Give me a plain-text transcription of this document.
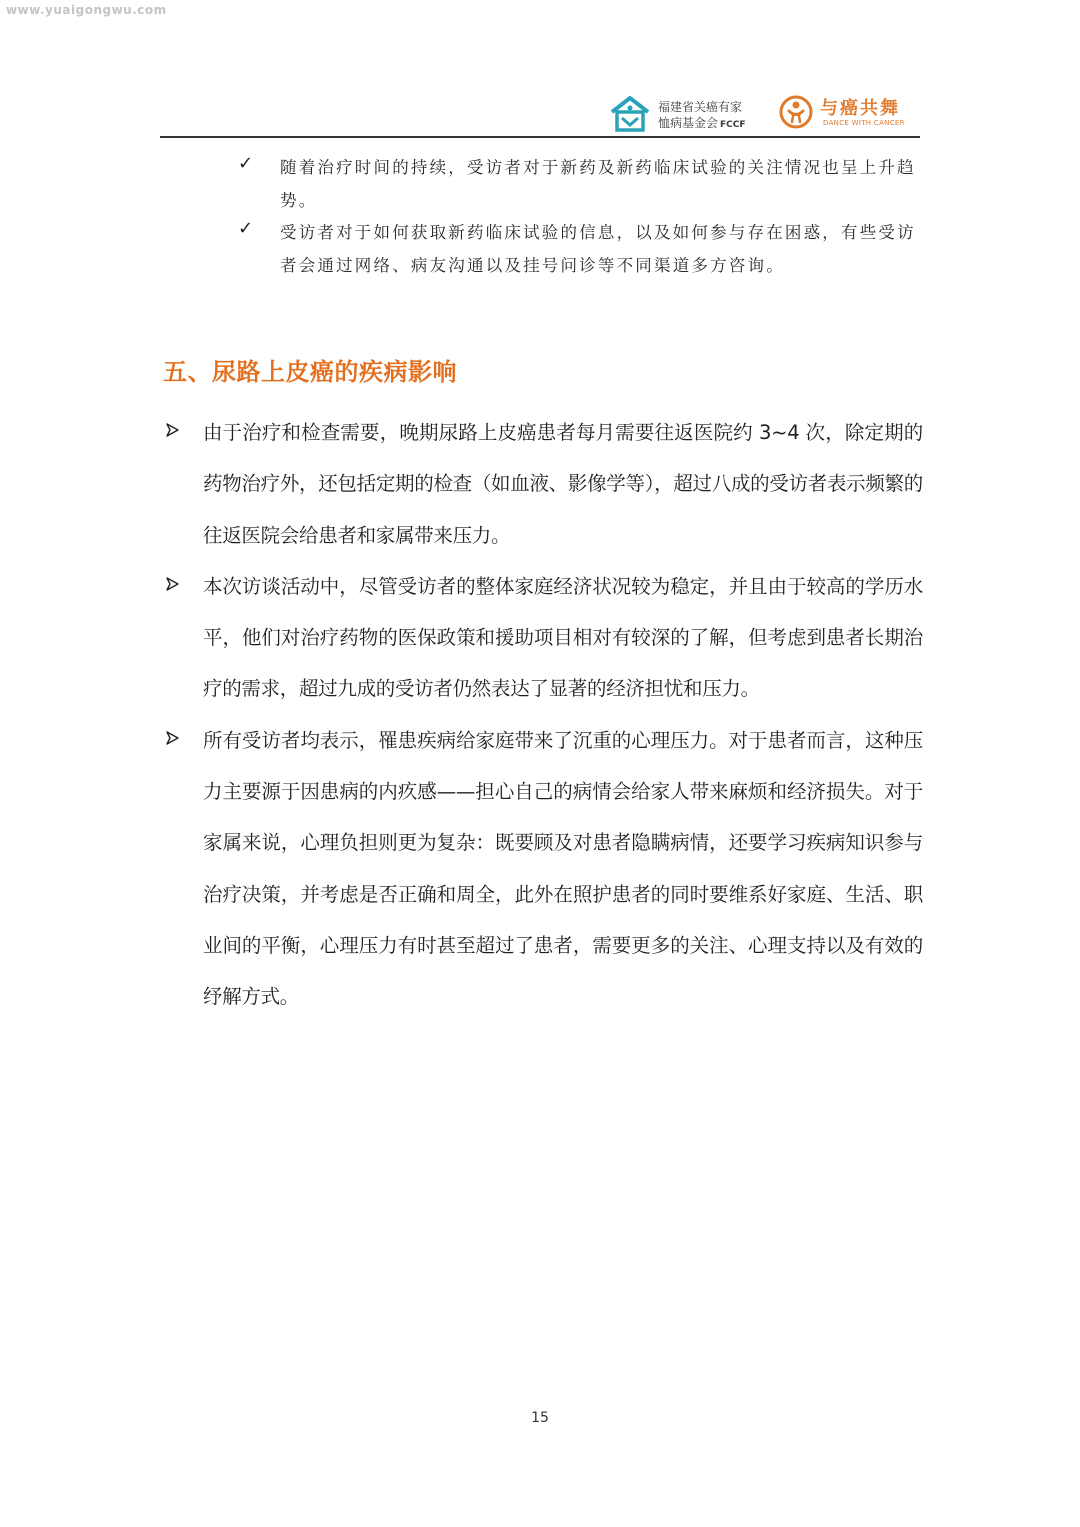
www.yuaigongwu.com
福建省关癌有家
恤病基金会 FCCF
与癌共舞
DANCE WITH CANCER
✓ 随着治疗时间的持续，受访者对于新药及新药临床试验的关注情况也呈上升趋势。
✓ 受访者对于如何获取新药临床试验的信息，以及如何参与存在困惑，有些受访者会通过网络、病友沟通以及挂号问诊等不同渠道多方咨询。
五、尿路上皮癌的疾病影响
由于治疗和检查需要，晚期尿路上皮癌患者每月需要往返医院约 3~4 次，除定期的药物治疗外，还包括定期的检查（如血液、影像学等），超过八成的受访者表示频繁的往返医院会给患者和家属带来压力。
本次访谈活动中，尽管受访者的整体家庭经济状况较为稳定，并且由于较高的学历水平，他们对治疗药物的医保政策和援助项目相对有较深的了解，但考虑到患者长期治疗的需求，超过九成的受访者仍然表达了显著的经济担忧和压力。
所有受访者均表示，罹患疾病给家庭带来了沉重的心理压力。对于患者而言，这种压力主要源于因患病的内疚感——担心自己的病情会给家人带来麻烦和经济损失。对于家属来说，心理负担则更为复杂：既要顾及对患者隐瞒病情，还要学习疾病知识参与治疗决策，并考虑是否正确和周全，此外在照护患者的同时要维系好家庭、生活、职业间的平衡，心理压力有时甚至超过了患者，需要更多的关注、心理支持以及有效的纾解方式。
15
